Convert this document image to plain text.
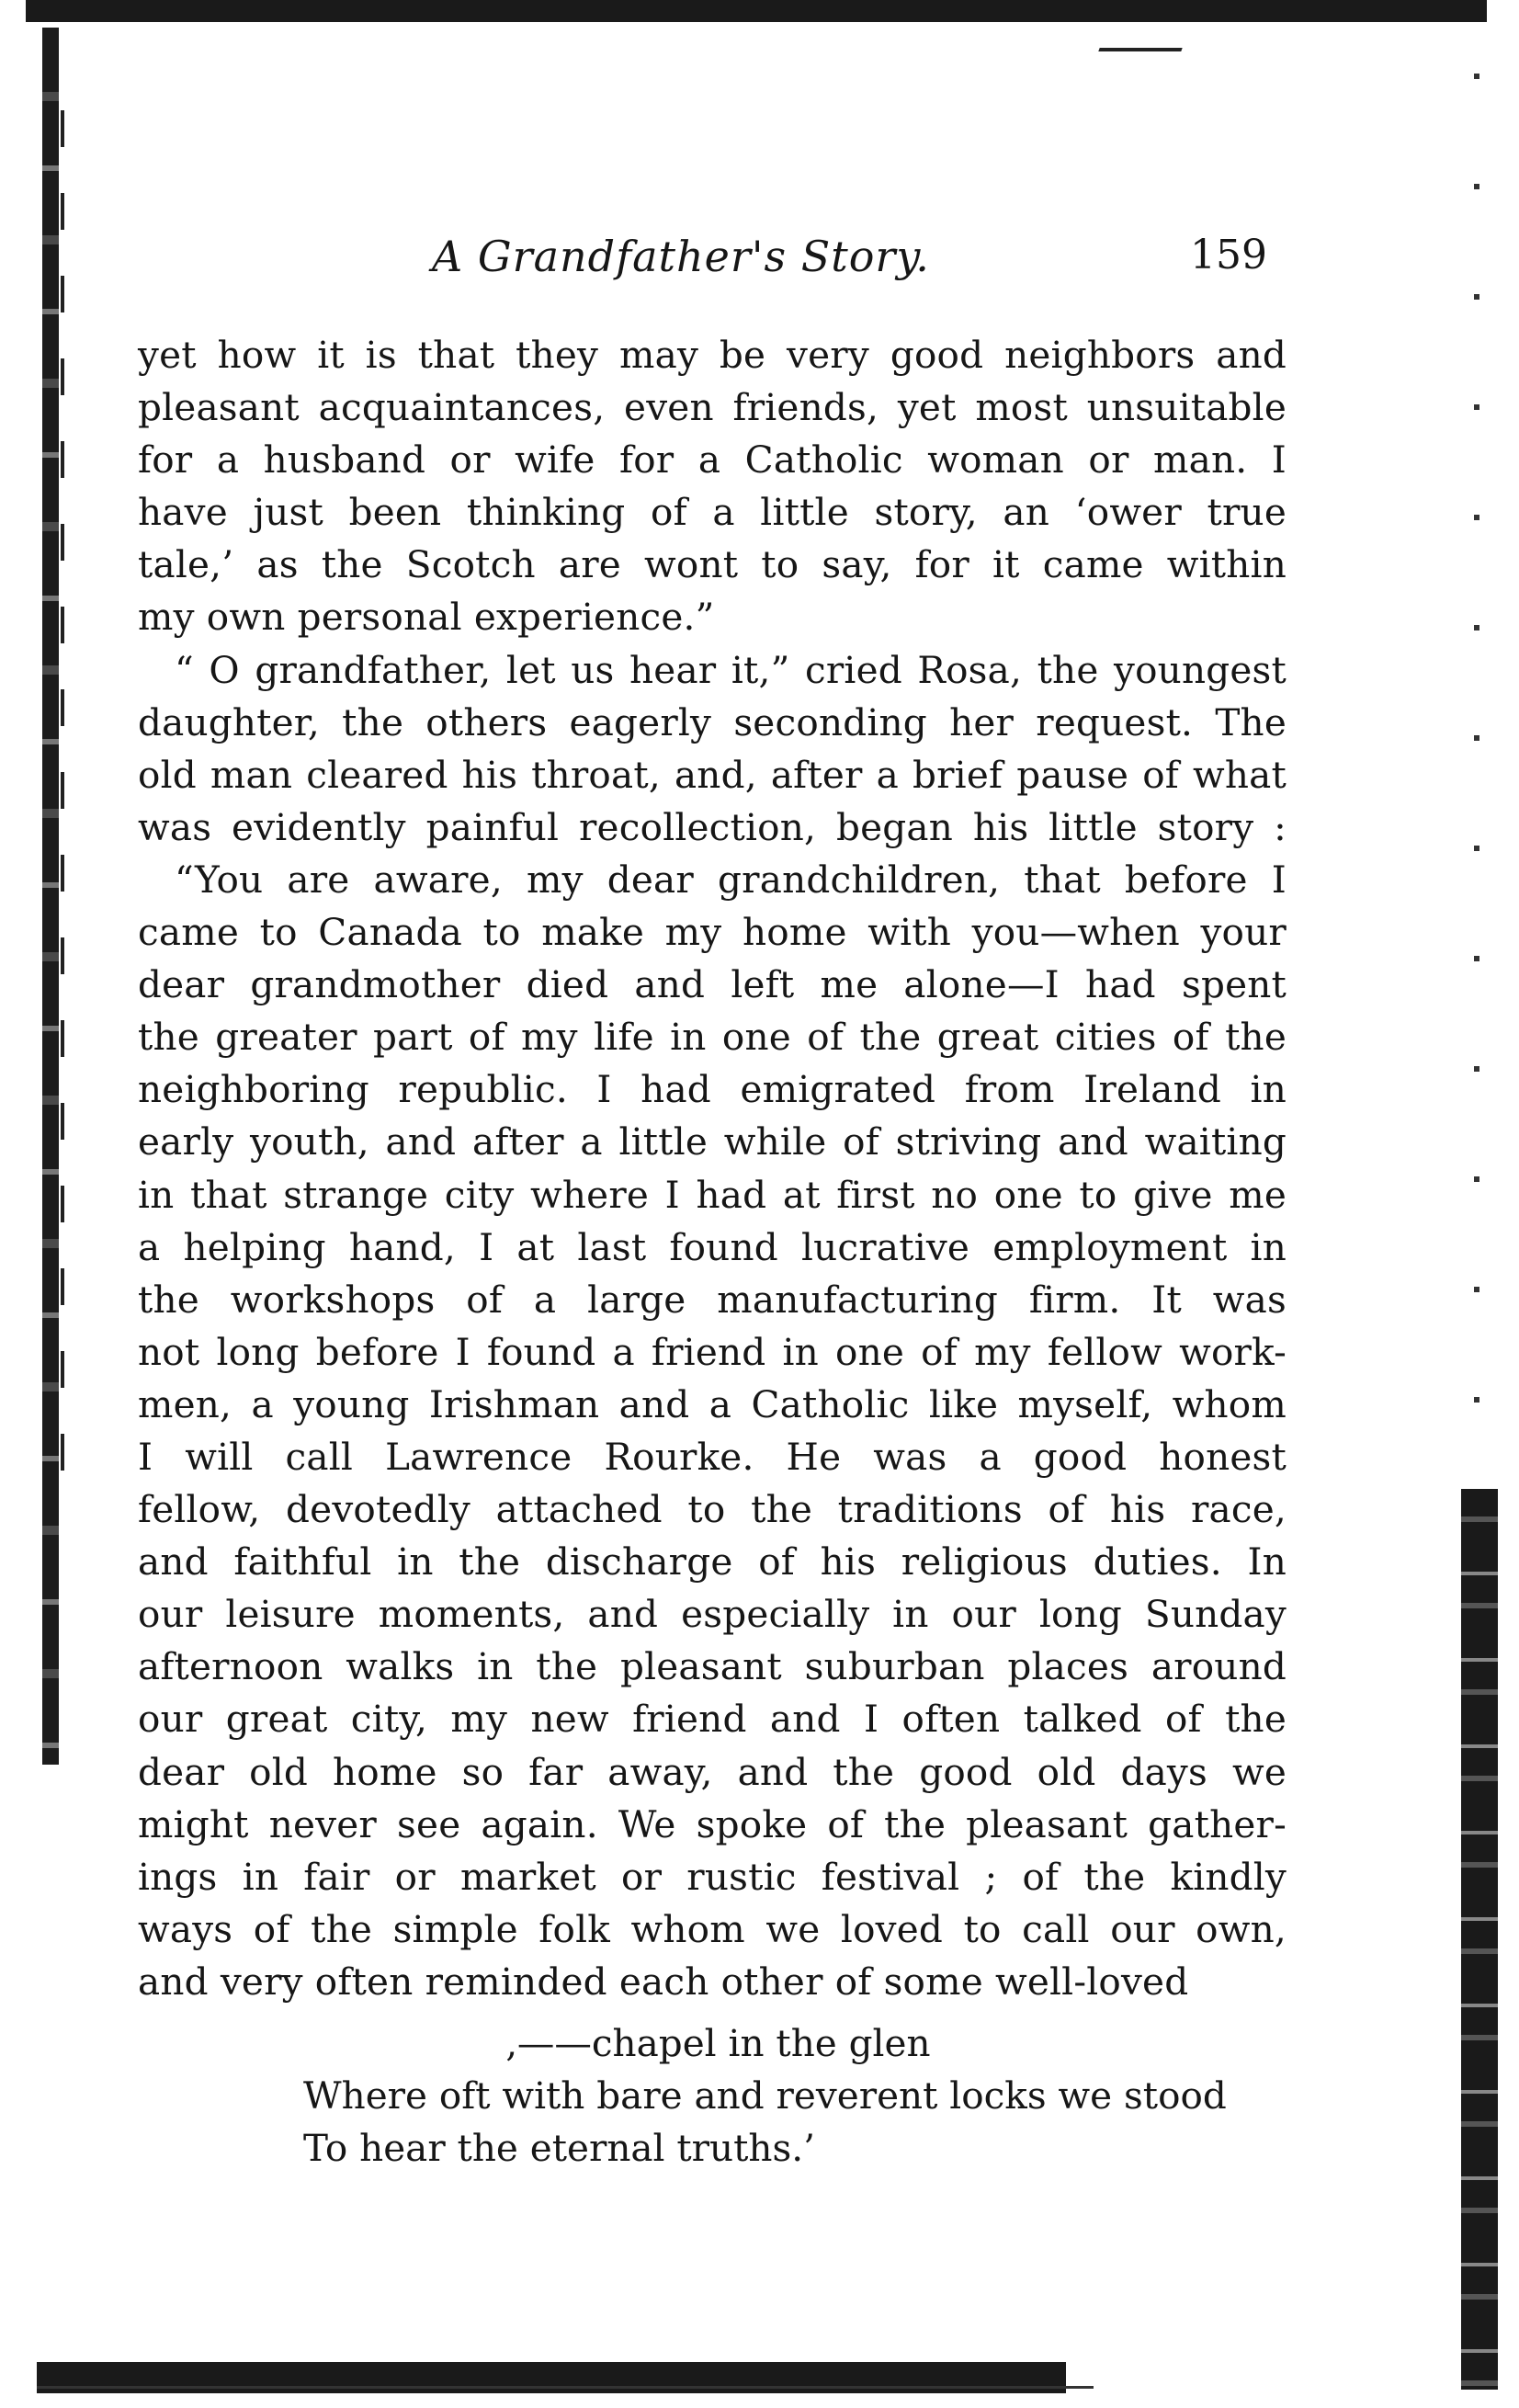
A Grandfather's Story.	159
yet how it is that they may be very good neighbors and
pleasant acquaintances, even friends, yet most unsuitable
for a husband or wife for a Catholic woman or man. I
have just been thinking of a little story, an ‘ower true
tale,’ as the Scotch are wont to say, for it came within
my own personal experience.”
“ O grandfather, let us hear it,” cried Rosa, the youngest
daughter, the others eagerly seconding her request. The
old man cleared his throat, and, after a brief pause of what
was evidently painful recollection, began his little story :
“You are aware, my dear grandchildren, that before I
came to Canada to make my home with you—when your
dear grandmother died and left me alone—I had spent
the greater part of my life in one of the great cities of the
neighboring republic. I had emigrated from Ireland in
early youth, and after a little while of striving and waiting
in that strange city where I had at first no one to give me
a helping hand, I at last found lucrative employment in
the workshops of a large manufacturing firm. It was
not long before I found a friend in one of my fellow work-
men, a young Irishman and a Catholic like myself, whom
I will call Lawrence Rourke. He was a good honest
fellow, devotedly attached to the traditions of his race,
and faithful in the discharge of his religious duties. In
our leisure moments, and especially in our long Sunday
afternoon walks in the pleasant suburban places around
our great city, my new friend and I often talked of the
dear old home so far away, and the good old days we
might never see again. We spoke of the pleasant gather-
ings in fair or market or rustic festival ; of the kindly
ways of the simple folk whom we loved to call our own,
and very often reminded each other of some well-loved
‚——chapel in the glen
Where oft with bare and reverent locks we stood
To hear the eternal truths.’
